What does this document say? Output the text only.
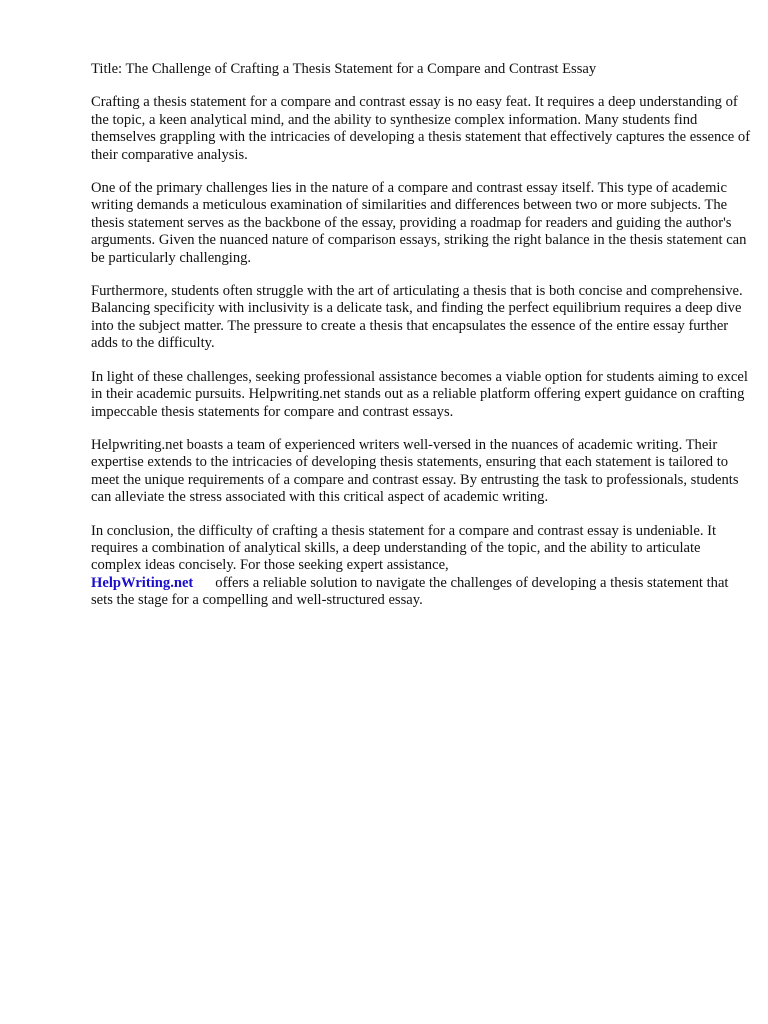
Title: The Challenge of Crafting a Thesis Statement for a Compare and Contrast Essay

Crafting a thesis statement for a compare and contrast essay is no easy feat. It requires a deep understanding of the topic, a keen analytical mind, and the ability to synthesize complex information. Many students find themselves grappling with the intricacies of developing a thesis statement that effectively captures the essence of their comparative analysis.

One of the primary challenges lies in the nature of a compare and contrast essay itself. This type of academic writing demands a meticulous examination of similarities and differences between two or more subjects. The thesis statement serves as the backbone of the essay, providing a roadmap for readers and guiding the author's arguments. Given the nuanced nature of comparison essays, striking the right balance in the thesis statement can be particularly challenging.

Furthermore, students often struggle with the art of articulating a thesis that is both concise and comprehensive. Balancing specificity with inclusivity is a delicate task, and finding the perfect equilibrium requires a deep dive into the subject matter. The pressure to create a thesis that encapsulates the essence of the entire essay further adds to the difficulty.

In light of these challenges, seeking professional assistance becomes a viable option for students aiming to excel in their academic pursuits. Helpwriting.net stands out as a reliable platform offering expert guidance on crafting impeccable thesis statements for compare and contrast essays.

Helpwriting.net boasts a team of experienced writers well-versed in the nuances of academic writing. Their expertise extends to the intricacies of developing thesis statements, ensuring that each statement is tailored to meet the unique requirements of a compare and contrast essay. By entrusting the task to professionals, students can alleviate the stress associated with this critical aspect of academic writing.

In conclusion, the difficulty of crafting a thesis statement for a compare and contrast essay is undeniable. It requires a combination of analytical skills, a deep understanding of the topic, and the ability to articulate complex ideas concisely. For those seeking expert assistance,
HelpWriting.net offers a reliable solution to navigate the challenges of developing a thesis statement that sets the stage for a compelling and well-structured essay.
